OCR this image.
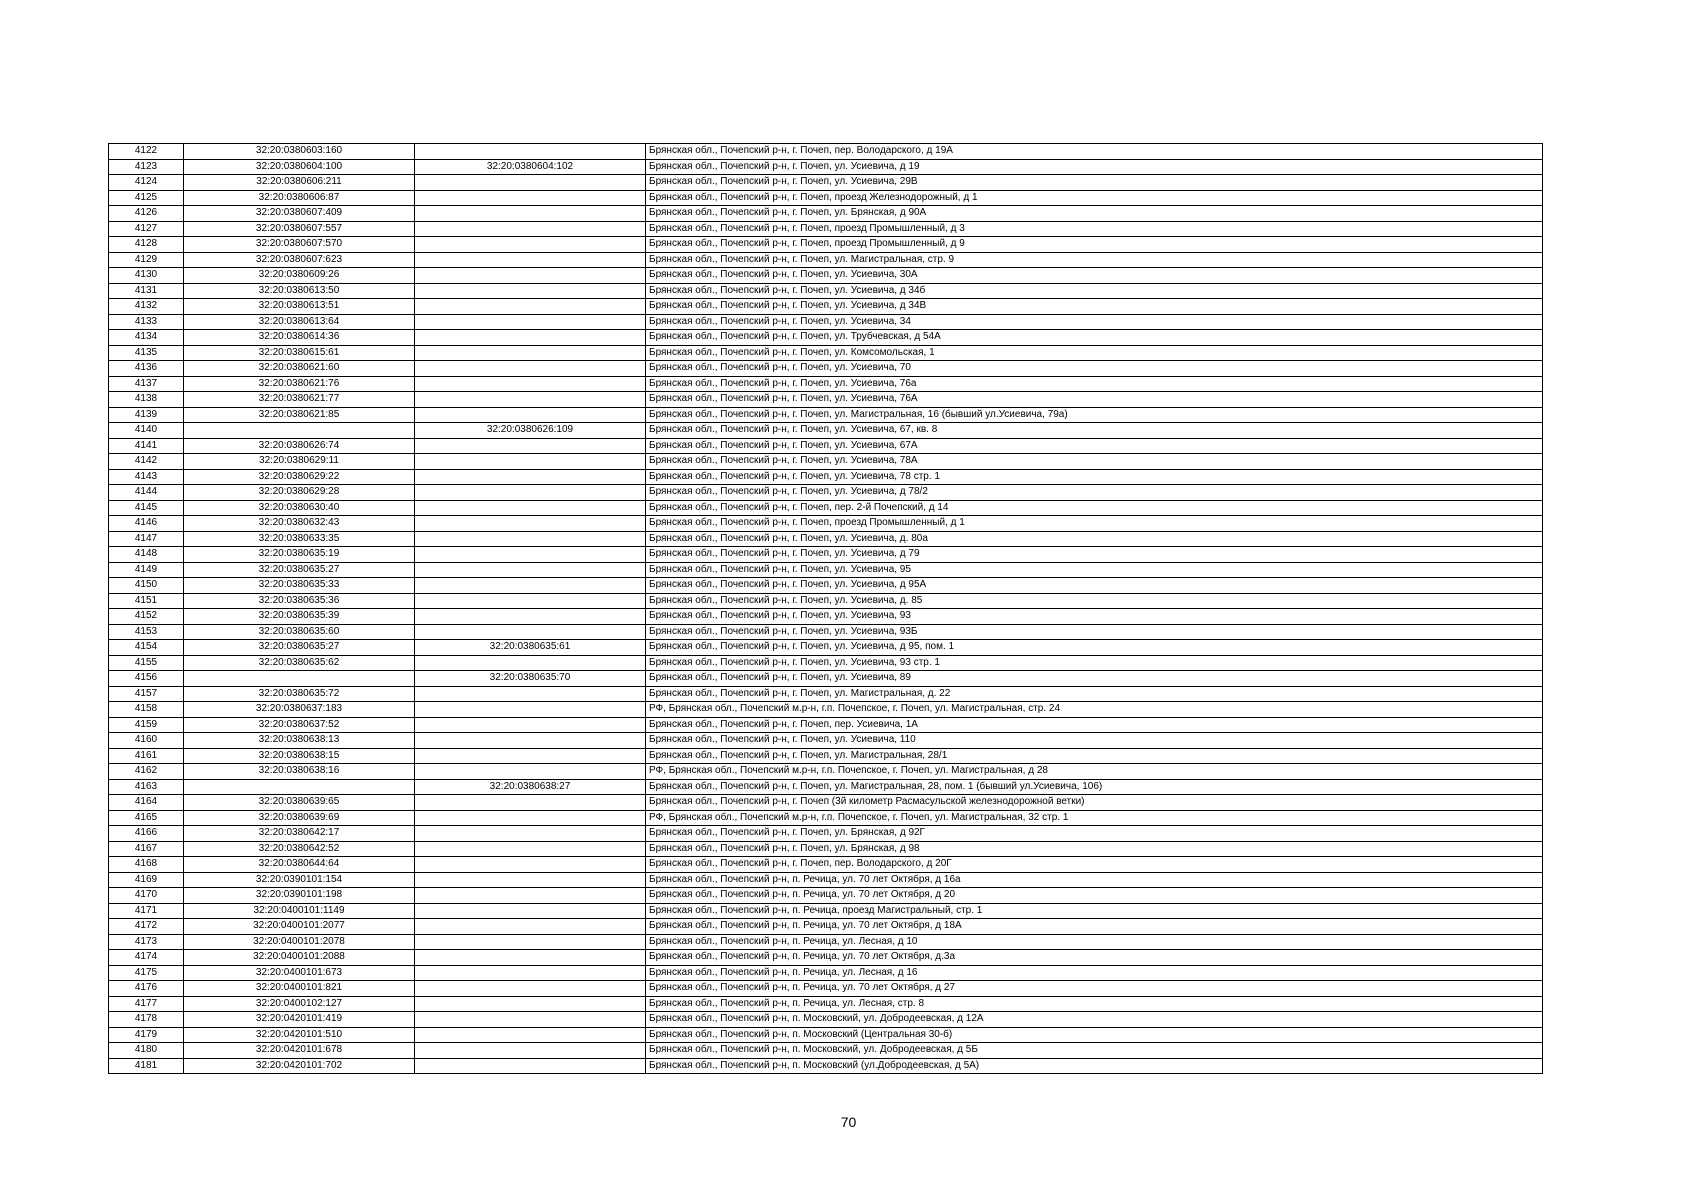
4122	32:20:0380603:160		Брянская обл., Почепский р-н, г. Почеп, пер. Володарского, д 19А
4123	32:20:0380604:100	32:20:0380604:102	Брянская обл., Почепский р-н, г. Почеп, ул. Усиевича, д 19
4124	32:20:0380606:211		Брянская обл., Почепский р-н, г. Почеп, ул. Усиевича, 29В
4125	32:20:0380606:87		Брянская обл., Почепский р-н, г. Почеп, проезд Железнодорожный, д 1
4126	32:20:0380607:409		Брянская обл., Почепский р-н, г. Почеп, ул. Брянская, д 90А
4127	32:20:0380607:557		Брянская обл., Почепский р-н, г. Почеп, проезд Промышленный, д 3
4128	32:20:0380607:570		Брянская обл., Почепский р-н, г. Почеп, проезд Промышленный, д 9
4129	32:20:0380607:623		Брянская обл., Почепский р-н, г. Почеп, ул. Магистральная, стр. 9
4130	32:20:0380609:26		Брянская обл., Почепский р-н, г. Почеп, ул. Усиевича, 30А
4131	32:20:0380613:50		Брянская обл., Почепский р-н, г. Почеп, ул. Усиевича, д 34б
4132	32:20:0380613:51		Брянская обл., Почепский р-н, г. Почеп, ул. Усиевича, д 34В
4133	32:20:0380613:64		Брянская обл., Почепский р-н, г. Почеп, ул. Усиевича, 34
4134	32:20:0380614:36		Брянская обл., Почепский р-н, г. Почеп, ул. Трубчевская, д 54А
4135	32:20:0380615:61		Брянская обл., Почепский р-н, г. Почеп, ул. Комсомольская, 1
4136	32:20:0380621:60		Брянская обл., Почепский р-н, г. Почеп, ул. Усиевича, 70
4137	32:20:0380621:76		Брянская обл., Почепский р-н, г. Почеп, ул. Усиевича, 76а
4138	32:20:0380621:77		Брянская обл., Почепский р-н, г. Почеп, ул. Усиевича, 76А
4139	32:20:0380621:85		Брянская обл., Почепский р-н, г. Почеп, ул. Магистральная, 16 (бывший ул.Усиевича, 79а)
4140		32:20:0380626:109	Брянская обл., Почепский р-н, г. Почеп, ул. Усиевича, 67, кв. 8
4141	32:20:0380626:74		Брянская обл., Почепский р-н, г. Почеп, ул. Усиевича, 67А
4142	32:20:0380629:11		Брянская обл., Почепский р-н, г. Почеп, ул. Усиевича, 78А
4143	32:20:0380629:22		Брянская обл., Почепский р-н, г. Почеп, ул. Усиевича, 78 стр. 1
4144	32:20:0380629:28		Брянская обл., Почепский р-н, г. Почеп, ул. Усиевича, д 78/2
4145	32:20:0380630:40		Брянская обл., Почепский р-н, г. Почеп, пер. 2-й Почепский, д 14
4146	32:20:0380632:43		Брянская обл., Почепский р-н, г. Почеп, проезд Промышленный, д 1
4147	32:20:0380633:35		Брянская обл., Почепский р-н, г. Почеп, ул. Усиевича, д. 80а
4148	32:20:0380635:19		Брянская обл., Почепский р-н, г. Почеп, ул. Усиевича, д 79
4149	32:20:0380635:27		Брянская обл., Почепский р-н, г. Почеп, ул. Усиевича, 95
4150	32:20:0380635:33		Брянская обл., Почепский р-н, г. Почеп, ул. Усиевича, д 95А
4151	32:20:0380635:36		Брянская обл., Почепский р-н, г. Почеп, ул. Усиевича, д. 85
4152	32:20:0380635:39		Брянская обл., Почепский р-н, г. Почеп, ул. Усиевича, 93
4153	32:20:0380635:60		Брянская обл., Почепский р-н, г. Почеп, ул. Усиевича, 93Б
4154	32:20:0380635:27	32:20:0380635:61	Брянская обл., Почепский р-н, г. Почеп, ул. Усиевича, д 95, пом. 1
4155	32:20:0380635:62		Брянская обл., Почепский р-н, г. Почеп, ул. Усиевича, 93 стр. 1
4156		32:20:0380635:70	Брянская обл., Почепский р-н, г. Почеп, ул. Усиевича, 89
4157	32:20:0380635:72		Брянская обл., Почепский р-н, г. Почеп, ул. Магистральная, д. 22
4158	32:20:0380637:183		РФ, Брянская обл., Почепский м.р-н, г.п. Почепское, г. Почеп, ул. Магистральная, стр. 24
4159	32:20:0380637:52		Брянская обл., Почепский р-н, г. Почеп, пер. Усиевича, 1А
4160	32:20:0380638:13		Брянская обл., Почепский р-н, г. Почеп, ул. Усиевича, 110
4161	32:20:0380638:15		Брянская обл., Почепский р-н, г. Почеп, ул. Магистральная, 28/1
4162	32:20:0380638:16		РФ, Брянская обл., Почепский м.р-н, г.п. Почепское, г. Почеп, ул. Магистральная, д 28
4163		32:20:0380638:27	Брянская обл., Почепский р-н, г. Почеп, ул. Магистральная, 28, пом. 1 (бывший ул.Усиевича, 106)
4164	32:20:0380639:65		Брянская обл., Почепский р-н, г. Почеп (3й километр Расмасульской железнодорожной ветки)
4165	32:20:0380639:69		РФ, Брянская обл., Почепский м.р-н, г.п. Почепское, г. Почеп, ул. Магистральная, 32 стр. 1
4166	32:20:0380642:17		Брянская обл., Почепский р-н, г. Почеп, ул. Брянская, д 92Г
4167	32:20:0380642:52		Брянская обл., Почепский р-н, г. Почеп, ул. Брянская, д 98
4168	32:20:0380644:64		Брянская обл., Почепский р-н, г. Почеп, пер. Володарского, д 20Г
4169	32:20:0390101:154		Брянская обл., Почепский р-н, п. Речица, ул. 70 лет Октября, д 16а
4170	32:20:0390101:198		Брянская обл., Почепский р-н, п. Речица, ул. 70 лет Октября, д 20
4171	32:20:0400101:1149		Брянская обл., Почепский р-н, п. Речица, проезд Магистральный, стр. 1
4172	32:20:0400101:2077		Брянская обл., Почепский р-н, п. Речица, ул. 70 лет Октября, д 18А
4173	32:20:0400101:2078		Брянская обл., Почепский р-н, п. Речица, ул. Лесная, д 10
4174	32:20:0400101:2088		Брянская обл., Почепский р-н, п. Речица, ул. 70 лет Октября, д.3а
4175	32:20:0400101:673		Брянская обл., Почепский р-н, п. Речица, ул. Лесная, д 16
4176	32:20:0400101:821		Брянская обл., Почепский р-н, п. Речица, ул. 70 лет Октября, д 27
4177	32:20:0400102:127		Брянская обл., Почепский р-н, п. Речица, ул. Лесная, стр. 8
4178	32:20:0420101:419		Брянская обл., Почепский р-н, п. Московский, ул. Добродеевская, д 12А
4179	32:20:0420101:510		Брянская обл., Почепский р-н, п. Московский (Центральная 30-б)
4180	32:20:0420101:678		Брянская обл., Почепский р-н, п. Московский, ул. Добродеевская, д 5Б
4181	32:20:0420101:702		Брянская обл., Почепский р-н, п. Московский (ул.Добродеевская, д 5А)
70
